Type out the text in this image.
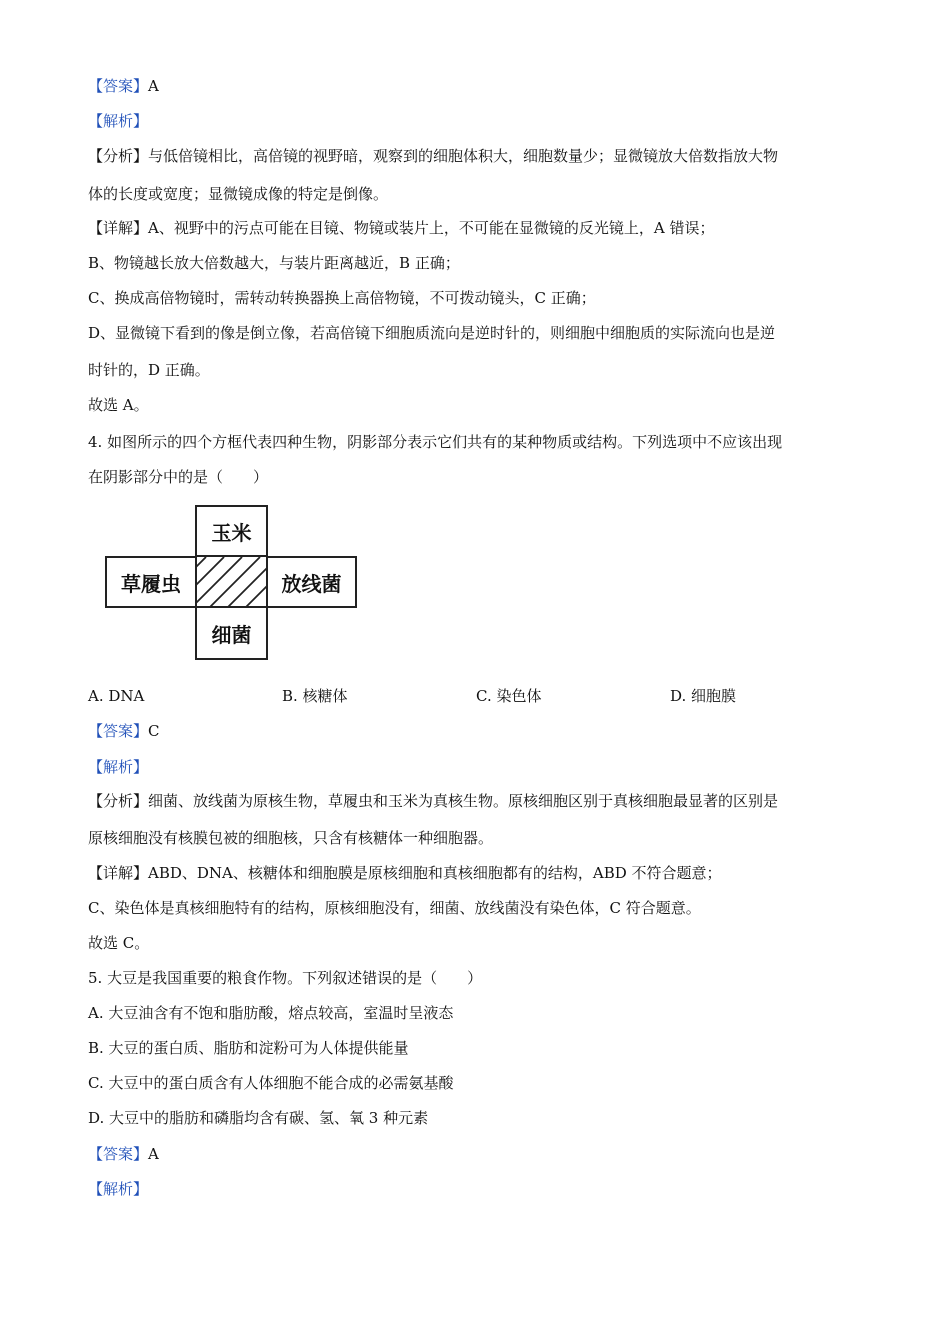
【答案】A
【解析】
【分析】与低倍镜相比，高倍镜的视野暗，观察到的细胞体积大，细胞数量少；显微镜放大倍数指放大物
体的长度或宽度；显微镜成像的特定是倒像。
【详解】A、视野中的污点可能在目镜、物镜或装片上，不可能在显微镜的反光镜上，A 错误；
B、物镜越长放大倍数越大，与装片距离越近，B 正确；
C、换成高倍物镜时，需转动转换器换上高倍物镜，不可拨动镜头，C 正确；
D、显微镜下看到的像是倒立像，若高倍镜下细胞质流向是逆时针的，则细胞中细胞质的实际流向也是逆
时针的，D 正确。
故选 A。
4. 如图所示的四个方框代表四种生物，阴影部分表示它们共有的某种物质或结构。下列选项中不应该出现
在阴影部分中的是（　　）
玉米
草履虫	放线菌
细菌
A. DNA	B. 核糖体	C. 染色体	D. 细胞膜
【答案】C
【解析】
【分析】细菌、放线菌为原核生物，草履虫和玉米为真核生物。原核细胞区别于真核细胞最显著的区别是
原核细胞没有核膜包被的细胞核，只含有核糖体一种细胞器。
【详解】ABD、DNA、核糖体和细胞膜是原核细胞和真核细胞都有的结构，ABD 不符合题意；
C、染色体是真核细胞特有的结构，原核细胞没有，细菌、放线菌没有染色体，C 符合题意。
故选 C。
5. 大豆是我国重要的粮食作物。下列叙述错误的是（　　）
A. 大豆油含有不饱和脂肪酸，熔点较高，室温时呈液态
B. 大豆的蛋白质、脂肪和淀粉可为人体提供能量
C. 大豆中的蛋白质含有人体细胞不能合成的必需氨基酸
D. 大豆中的脂肪和磷脂均含有碳、氢、氧 3 种元素
【答案】A
【解析】
